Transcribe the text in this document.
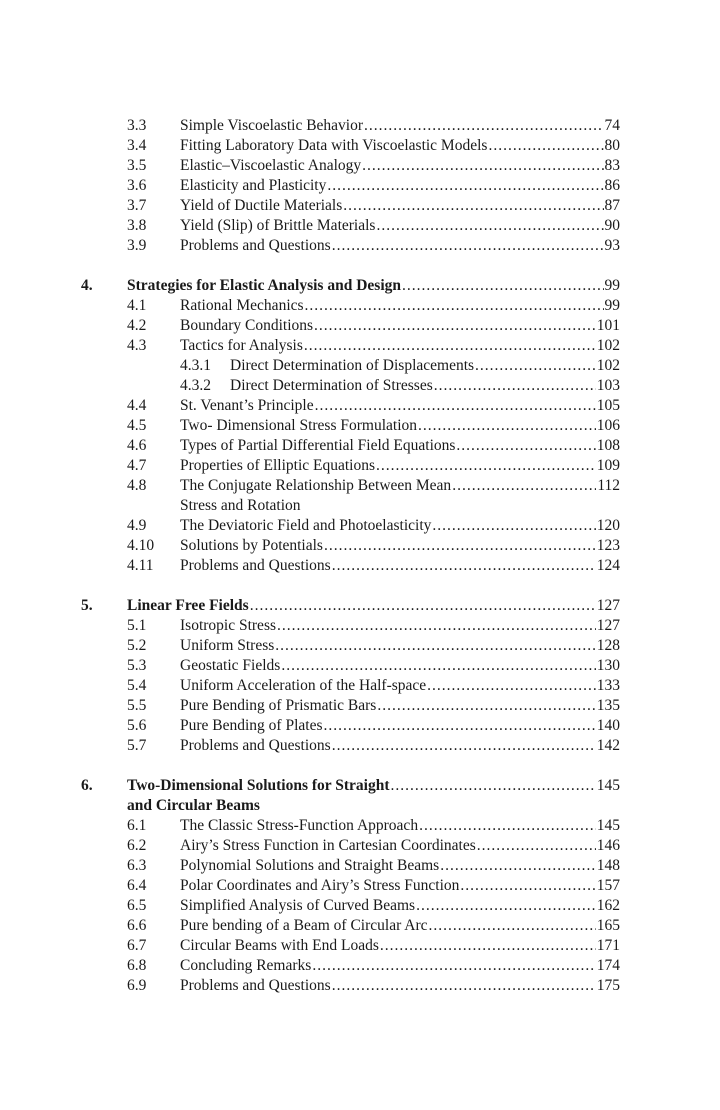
3.3 Simple Viscoelastic Behavior .....	74
3.4 Fitting Laboratory Data with Viscoelastic Models .....	80
3.5 Elastic–Viscoelastic Analogy .....	83
3.6 Elasticity and Plasticity .....	86
3.7 Yield of Ductile Materials .....	87
3.8 Yield (Slip) of Brittle Materials .....	90
3.9 Problems and Questions .....	93
4. Strategies for Elastic Analysis and Design .....	99
4.1 Rational Mechanics .....	99
4.2 Boundary Conditions .....	101
4.3 Tactics for Analysis .....	102
4.3.1 Direct Determination of Displacements .....	102
4.3.2 Direct Determination of Stresses .....	103
4.4 St. Venant’s Principle .....	105
4.5 Two- Dimensional Stress Formulation .....	106
4.6 Types of Partial Differential Field Equations .....	108
4.7 Properties of Elliptic Equations .....	109
4.8 The Conjugate Relationship Between Mean .....	112
Stress and Rotation
4.9 The Deviatoric Field and Photoelasticity .....	120
4.10 Solutions by Potentials .....	123
4.11 Problems and Questions .....	124
5. Linear Free Fields .....	127
5.1 Isotropic Stress .....	127
5.2 Uniform Stress .....	128
5.3 Geostatic Fields .....	130
5.4 Uniform Acceleration of the Half-space .....	133
5.5 Pure Bending of Prismatic Bars .....	135
5.6 Pure Bending of Plates .....	140
5.7 Problems and Questions .....	142
6. Two-Dimensional Solutions for Straight .....	145
and Circular Beams
6.1 The Classic Stress-Function Approach .....	145
6.2 Airy’s Stress Function in Cartesian Coordinates .....	146
6.3 Polynomial Solutions and Straight Beams .....	148
6.4 Polar Coordinates and Airy’s Stress Function .....	157
6.5 Simplified Analysis of Curved Beams .....	162
6.6 Pure bending of a Beam of Circular Arc .....	165
6.7 Circular Beams with End Loads .....	171
6.8 Concluding Remarks .....	174
6.9 Problems and Questions .....	175
